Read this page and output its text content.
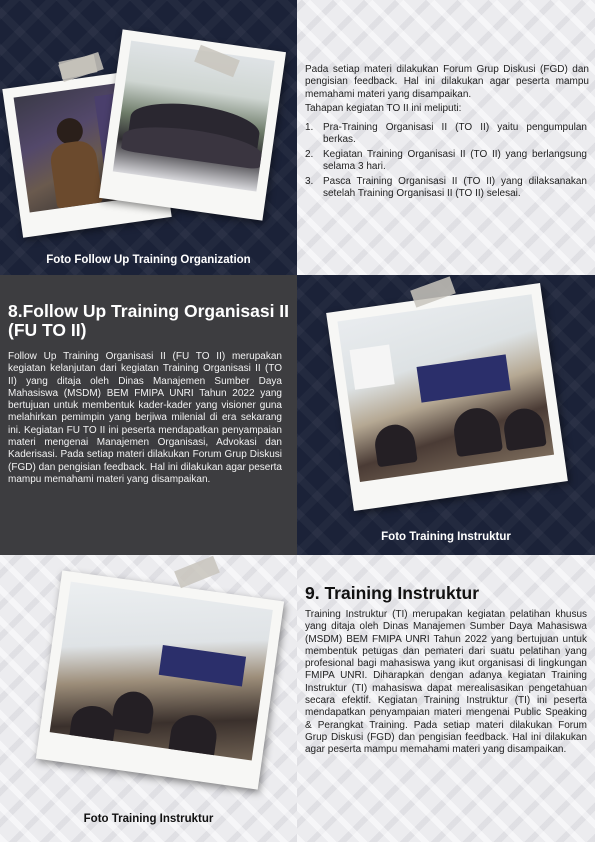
Foto Follow Up Training Organization

Pada setiap materi dilakukan Forum Grup Diskusi (FGD) dan pengisian feedback. Hal ini dilakukan agar peserta mampu memahami materi yang disampaikan.

Tahapan kegiatan TO II ini meliputi:

1. Pra-Training Organisasi II (TO II) yaitu pengumpulan berkas.
2. Kegiatan Training Organisasi II (TO II) yang berlangsung selama 3 hari.
3. Pasca Training Organisasi II (TO II) yang dilaksanakan setelah Training Organisasi II (TO II) selesai.
8.Follow Up Training Organisasi II (FU TO II)

Follow Up Training Organisasi II (FU TO II) merupakan kegiatan kelanjutan dari kegiatan Training Organisasi II (TO II) yang ditaja oleh Dinas Manajemen Sumber Daya Mahasiswa (MSDM) BEM FMIPA UNRI Tahun 2022 yang bertujuan untuk membentuk kader-kader yang visioner guna melahirkan pemimpin yang berjiwa milenial di era sekarang ini. Kegiatan FU TO II ini peserta mendapatkan penyampaian materi mengenai Manajemen Organisasi, Advokasi dan Kaderisasi. Pada setiap materi dilakukan Forum Grup Diskusi (FGD) dan pengisian feedback. Hal ini dilakukan agar peserta mampu memahami materi yang disampaikan.

Foto Training Instruktur
Foto Training Instruktur
9. Training Instruktur

Training Instruktur (TI) merupakan kegiatan pelatihan khusus yang ditaja oleh Dinas Manajemen Sumber Daya Mahasiswa (MSDM) BEM FMIPA UNRI Tahun 2022 yang bertujuan untuk membentuk petugas dan pemateri dari suatu pelatihan yang profesional bagi mahasiswa yang ikut organisasi di lingkungan FMIPA UNRI. Diharapkan dengan adanya kegiatan Training Instruktur (TI) mahasiswa dapat merealisasikan pengetahuan secara efektif. Kegiatan Training Instruktur (TI) ini peserta mendapatkan penyampaian materi mengenai Public Speaking & Perangkat Training. Pada setiap materi dilakukan Forum Grup Diskusi (FGD) dan pengisian feedback. Hal ini dilakukan agar peserta mampu memahami materi yang disampaikan.
